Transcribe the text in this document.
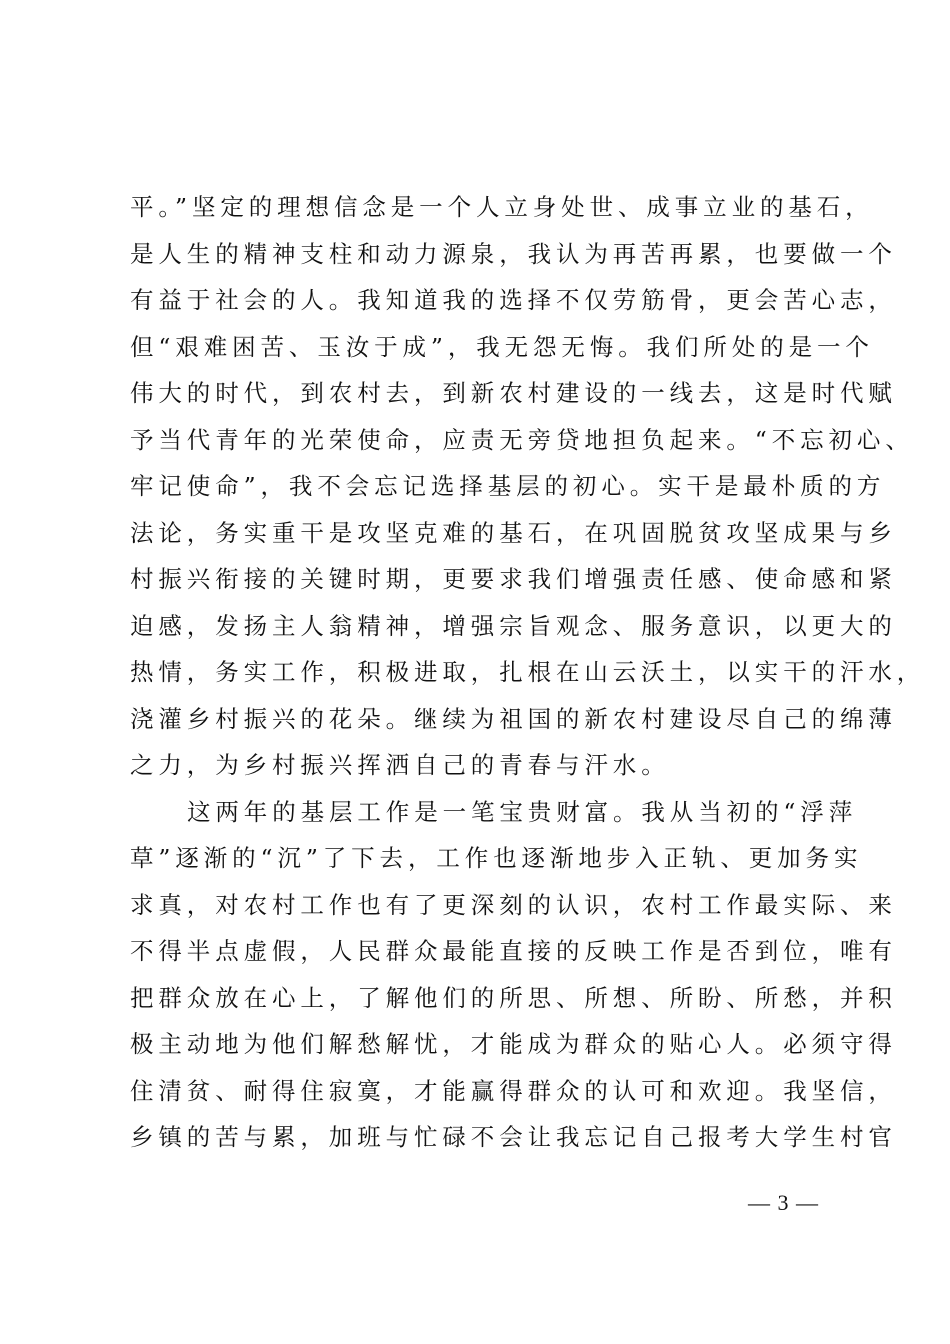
平。”坚定的理想信念是一个人立身处世、成事立业的基石，
是人生的精神支柱和动力源泉，我认为再苦再累，也要做一个
有益于社会的人。我知道我的选择不仅劳筋骨，更会苦心志，
但“艰难困苦、玉汝于成”，我无怨无悔。我们所处的是一个
伟大的时代，到农村去，到新农村建设的一线去，这是时代赋
予当代青年的光荣使命，应责无旁贷地担负起来。“不忘初心、
牢记使命”，我不会忘记选择基层的初心。实干是最朴质的方
法论，务实重干是攻坚克难的基石，在巩固脱贫攻坚成果与乡
村振兴衔接的关键时期，更要求我们增强责任感、使命感和紧
迫感，发扬主人翁精神，增强宗旨观念、服务意识，以更大的
热情，务实工作，积极进取，扎根在山云沃土，以实干的汗水，
浇灌乡村振兴的花朵。继续为祖国的新农村建设尽自己的绵薄
之力，为乡村振兴挥洒自己的青春与汗水。
这两年的基层工作是一笔宝贵财富。我从当初的“浮萍
草”逐渐的“沉”了下去，工作也逐渐地步入正轨、更加务实
求真，对农村工作也有了更深刻的认识，农村工作最实际、来
不得半点虚假，人民群众最能直接的反映工作是否到位，唯有
把群众放在心上，了解他们的所思、所想、所盼、所愁，并积
极主动地为他们解愁解忧，才能成为群众的贴心人。必须守得
住清贫、耐得住寂寞，才能赢得群众的认可和欢迎。我坚信，
乡镇的苦与累，加班与忙碌不会让我忘记自己报考大学生村官
— 3 —
